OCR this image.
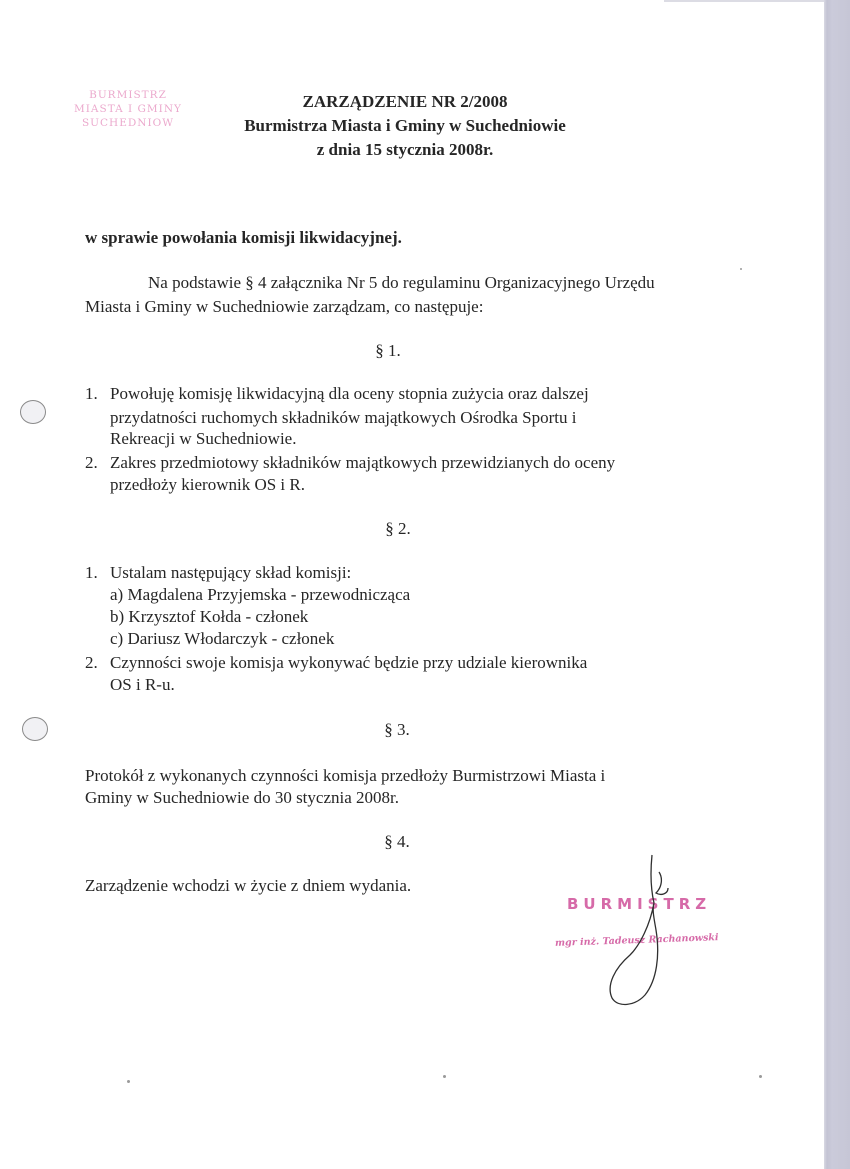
BURMISTRZ
MIASTA I GMINY
SUCHEDNIOW

ZARZĄDZENIE NR 2/2008

Burmistrza Miasta i Gminy w Suchedniowie

z dnia 15 stycznia 2008r.

w sprawie powołania komisji likwidacyjnej.

Na podstawie § 4 załącznika Nr 5 do regulaminu Organizacyjnego Urzędu

Miasta i Gminy w Suchedniowie zarządzam, co następuje:

§ 1.

1. Powołuję komisję likwidacyjną dla oceny stopnia zużycia oraz dalszej

przydatności ruchomych składników majątkowych Ośrodka Sportu i

Rekreacji w Suchedniowie.

2. Zakres przedmiotowy składników majątkowych przewidzianych do oceny

przedłoży kierownik OS i R.

§ 2.

1. Ustalam następujący skład komisji:

a) Magdalena Przyjemska - przewodnicząca

b) Krzysztof Kołda - członek

c) Dariusz Włodarczyk - członek

2. Czynności swoje komisja wykonywać będzie przy udziale kierownika

OS i R-u.

§ 3.

Protokół z wykonanych czynności komisja przedłoży Burmistrzowi Miasta i

Gminy w Suchedniowie do 30 stycznia 2008r.

§ 4.

Zarządzenie wchodzi w życie z dniem wydania.

BURMISTRZ
mgr inż. Tadeusz Rachanowski
